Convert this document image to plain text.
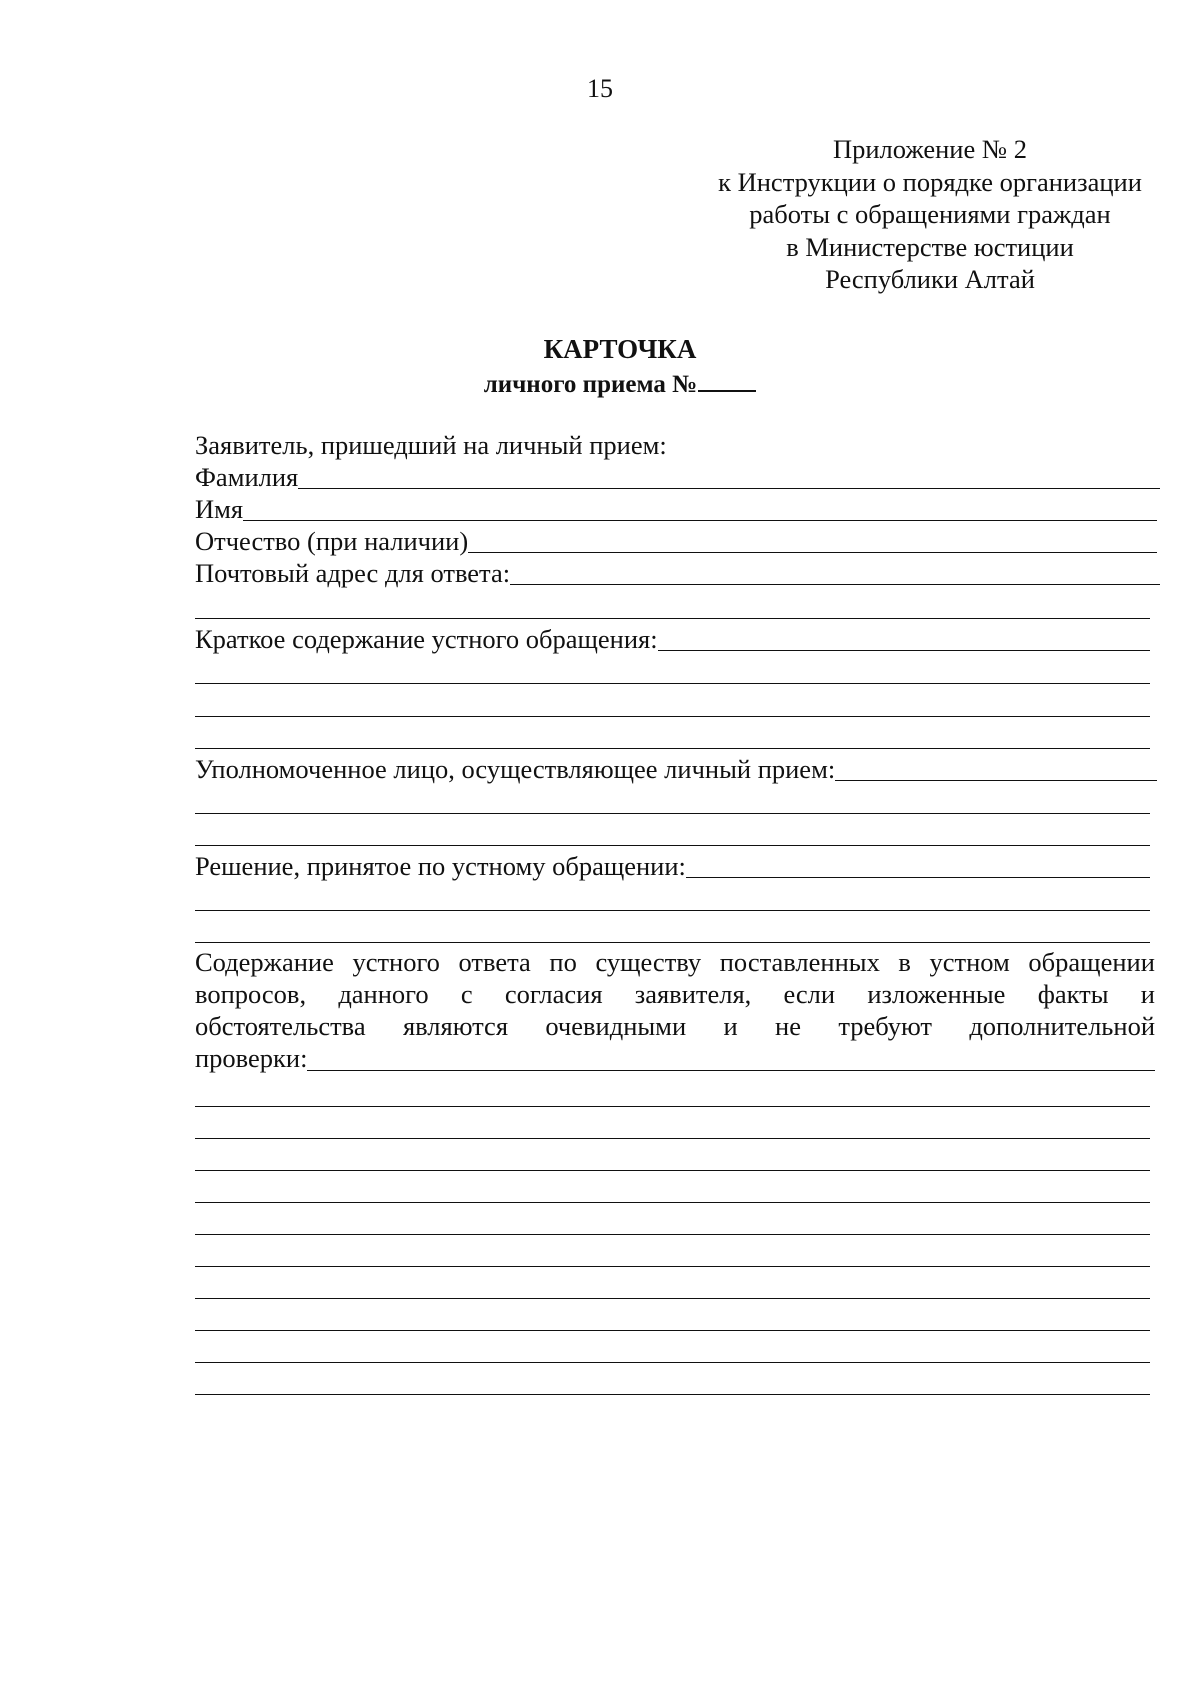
15
Приложение № 2
к Инструкции о порядке организации
работы с обращениями граждан
в Министерстве юстиции
Республики Алтай
КАРТОЧКА
личного приема №
Заявитель, пришедший на личный прием:
Фамилия
Имя
Отчество (при наличии)
Почтовый адрес для ответа:
Краткое содержание устного обращения:
Уполномоченное лицо, осуществляющее личный прием:
Решение, принятое по устному обращении:
Содержание устного ответа по существу поставленных в устном обращении
вопросов, данного с согласия заявителя, если изложенные факты и
обстоятельства являются очевидными и не требуют дополнительной
проверки:
